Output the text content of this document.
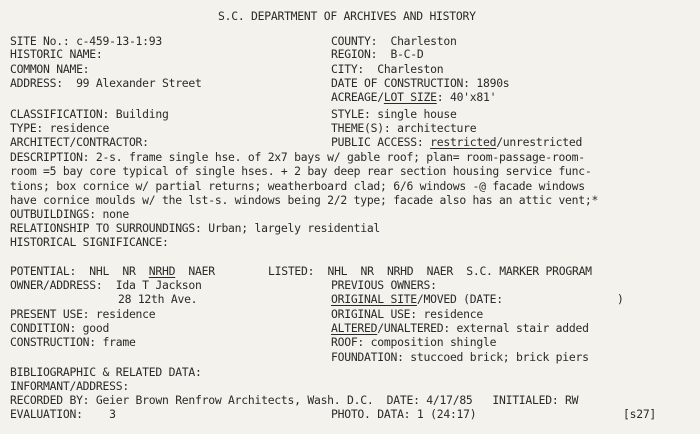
S.C. DEPARTMENT OF ARCHIVES AND HISTORY
SITE No.: c-459-13-1:93
HISTORIC NAME:
COMMON NAME:
ADDRESS:  99 Alexander Street
CLASSIFICATION: Building
TYPE: residence
ARCHITECT/CONTRACTOR:
COUNTY:  Charleston
REGION:  B-C-D
CITY:  Charleston
DATE OF CONSTRUCTION: 1890s
ACREAGE/LOT SIZE: 40'x81'
STYLE: single house
THEME(S): architecture
PUBLIC ACCESS: restricted/unrestricted
DESCRIPTION: 2-s. frame single hse. of 2x7 bays w/ gable roof; plan= room-passage-room-
room =5 bay core typical of single hses. + 2 bay deep rear section housing service func-
tions; box cornice w/ partial returns; weatherboard clad; 6/6 windows -@ facade windows
have cornice moulds w/ the lst-s. windows being 2/2 type; facade also has an attic vent;*
OUTBUILDINGS: none
RELATIONSHIP TO SURROUNDINGS: Urban; largely residential
HISTORICAL SIGNIFICANCE:
POTENTIAL:  NHL  NR  NRHD  NAER	LISTED:  NHL  NR  NRHD  NAER  S.C. MARKER PROGRAM
OWNER/ADDRESS:  Ida T Jackson
28 12th Ave.
PREVIOUS OWNERS:
ORIGINAL SITE/MOVED (DATE:	)
PRESENT USE: residence	ORIGINAL USE: residence
CONDITION: good	ALTERED/UNALTERED: external stair added
CONSTRUCTION: frame	ROOF: composition shingle
FOUNDATION: stuccoed brick; brick piers
BIBLIOGRAPHIC & RELATED DATA:
INFORMANT/ADDRESS:
RECORDED BY: Geier Brown Renfrow Architects, Wash. D.C.  DATE: 4/17/85   INITIALED: RW
EVALUATION:    3	PHOTO. DATA: 1 (24:17)	[s27]
